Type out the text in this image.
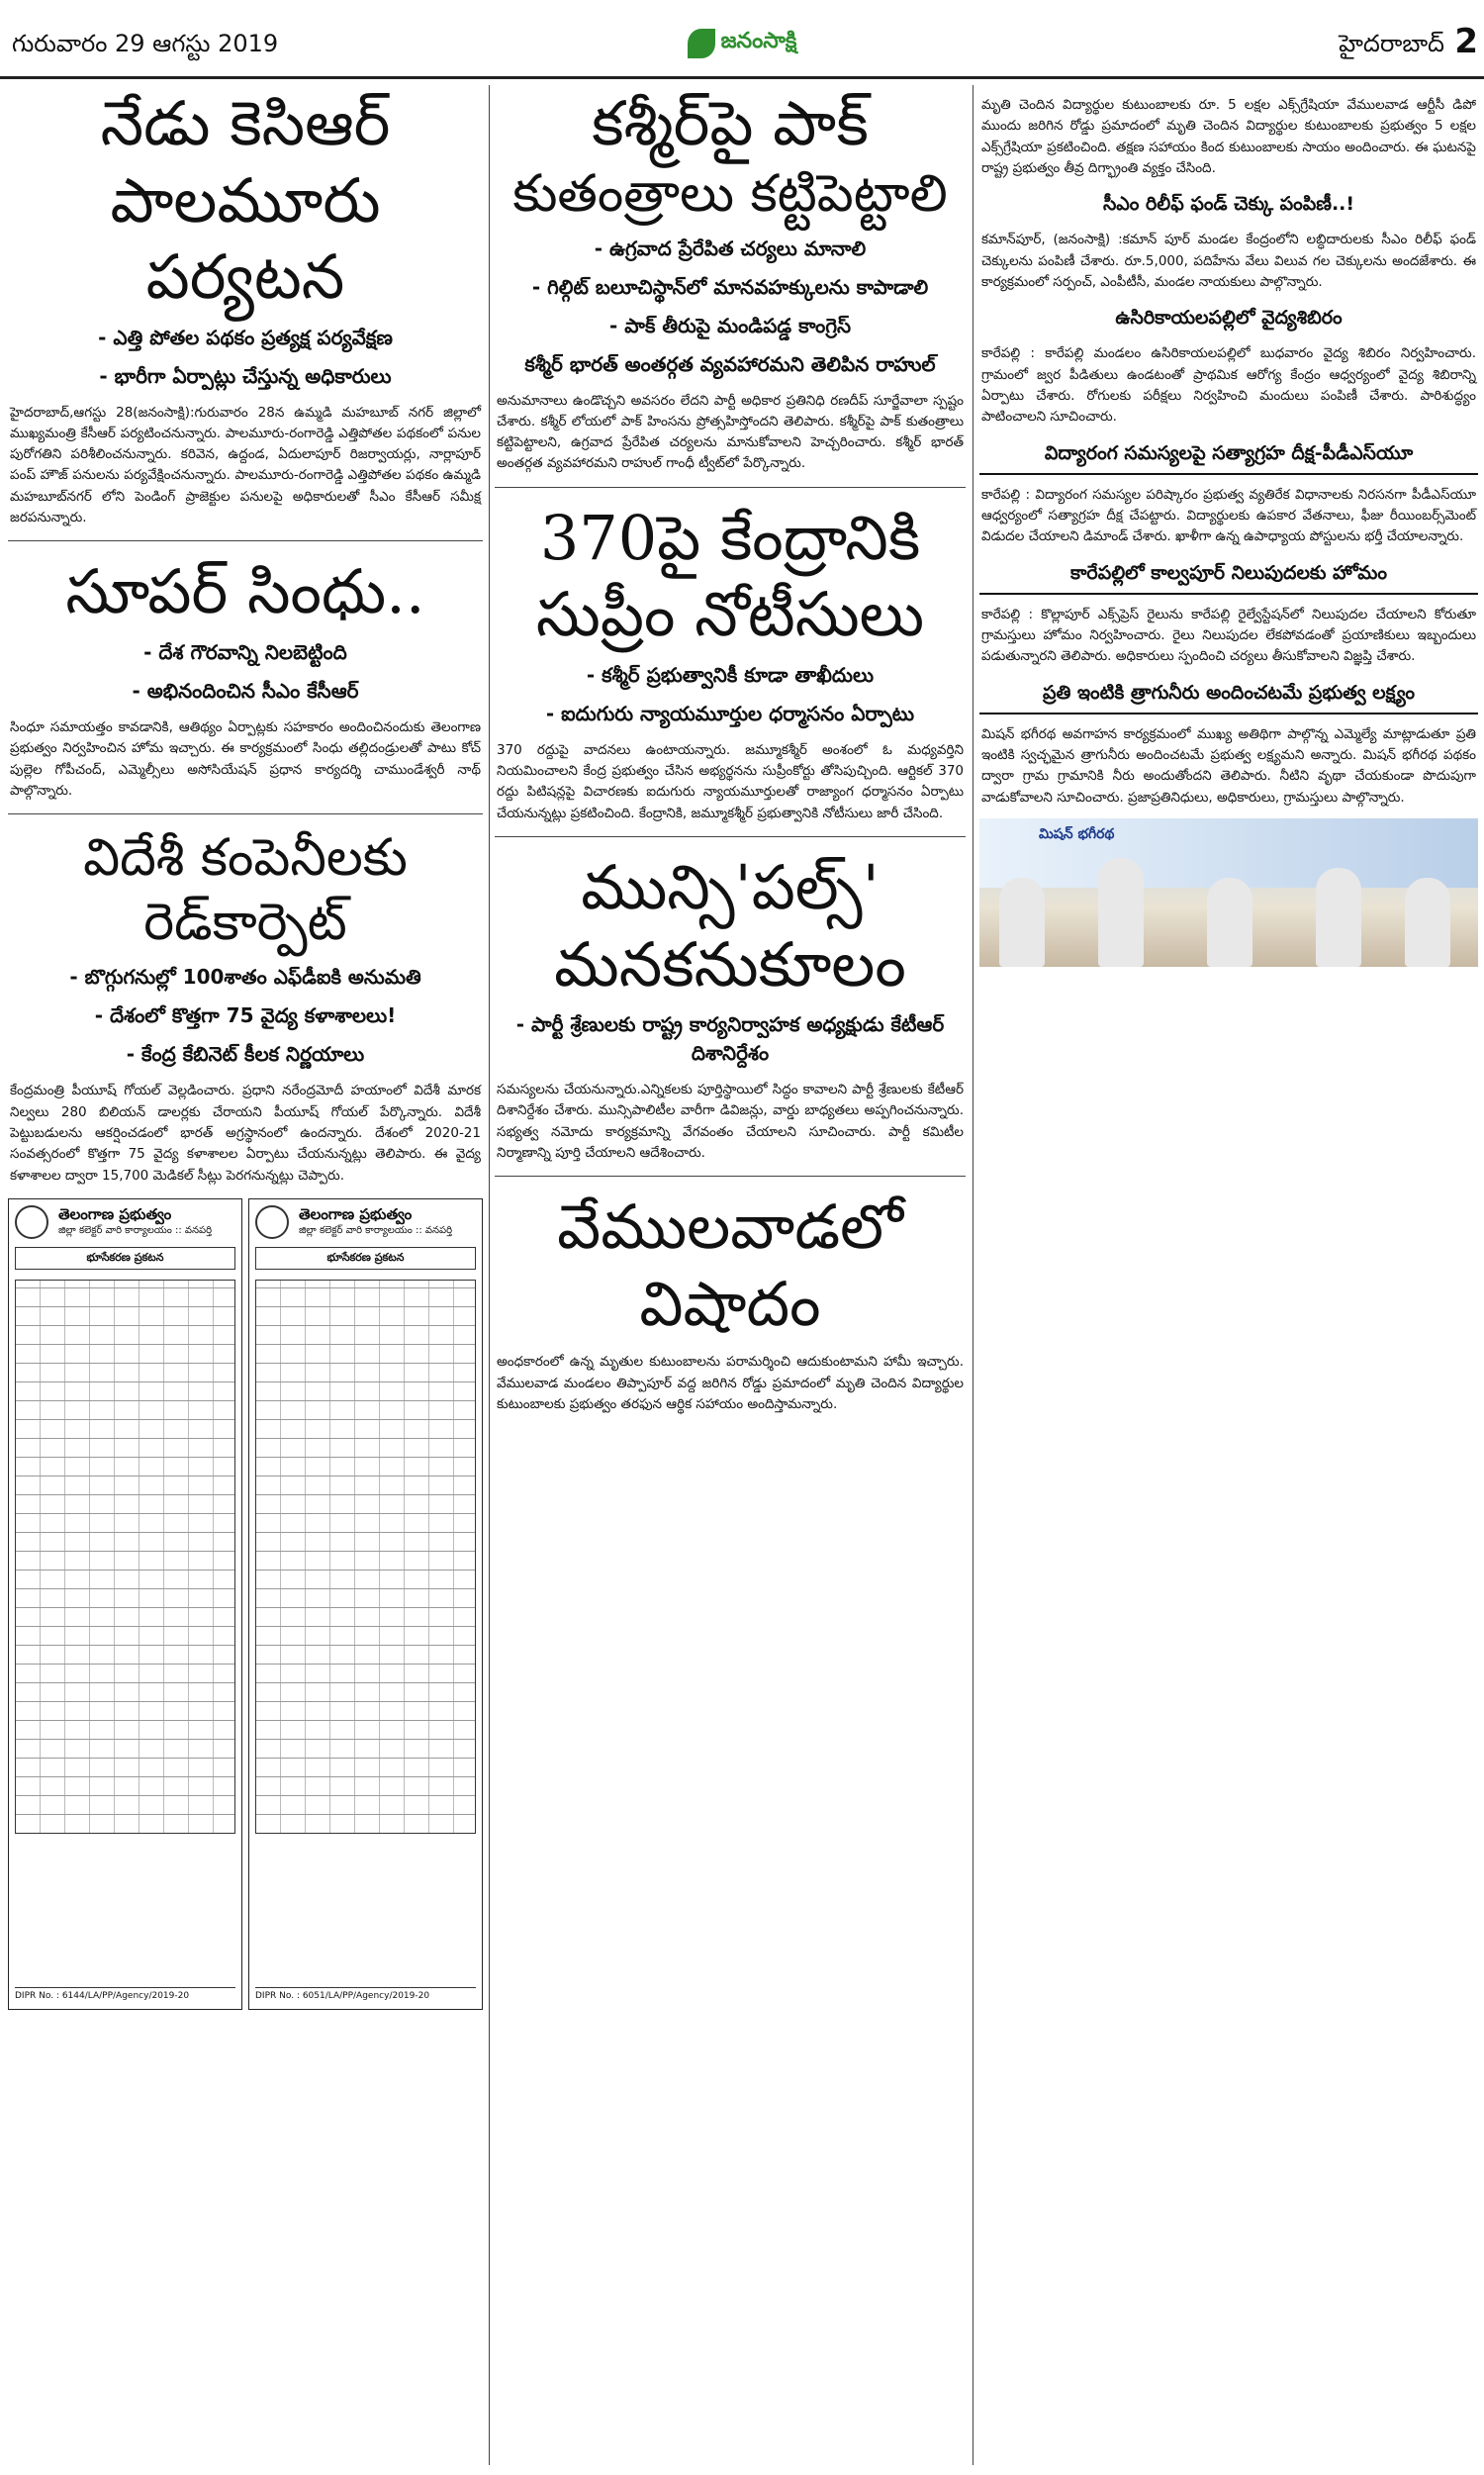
గురువారం 29 ఆగస్టు 2019	జనంసాక్షి	హైదరాబాద్ 2
నేడు కెసిఆర్
పాలమూరు పర్యటన
- ఎత్తి పోతల పథకం ప్రత్యక్ష పర్యవేక్షణ
- భారీగా ఏర్పాట్లు చేస్తున్న అధికారులు

హైదరాబాద్,ఆగస్టు 28(జనంసాక్షి):గురువారం 28న ఉమ్మడి మహబూబ్ నగర్ జిల్లాలో ముఖ్యమంత్రి కేసీఆర్ పర్యటించనున్నారు. పాలమూరు-రంగారెడ్డి ఎత్తిపోతల పథకంలో పనుల పురోగతిని పరిశీలించనున్నారు. కరివెన, ఉద్దండ, ఏదులాపూర్ రిజర్వాయర్లు, నార్లాపూర్ పంప్ హౌజ్ పనులను పర్యవేక్షించనున్నారు. పాలమూరు-రంగారెడ్డి ఎత్తిపోతల పథకం ఉమ్మడి మహబూబ్‌నగర్ లోని పెండింగ్ ప్రాజెక్టుల పనులపై అధికారులతో సీఎం కేసీఆర్ సమీక్ష జరపనున్నారు.

సూపర్ సింధు..
- దేశ గౌరవాన్ని నిలబెట్టింది
- అభినందించిన సీఎం కేసీఆర్

సింధూ సమాయత్తం కావడానికి, ఆతిథ్యం ఏర్పాట్లకు సహకారం అందించినందుకు తెలంగాణ ప్రభుత్వం నిర్వహించిన హోమ ఇచ్చారు. ఈ కార్యక్రమంలో సింధు తల్లిదండ్రులతో పాటు కోచ్ పుల్లెల గోపీచంద్, ఎమ్మెల్సీలు అసోసియేషన్ ప్రధాన కార్యదర్శి చాముండేశ్వరీ నాథ్ పాల్గొన్నారు.

విదేశీ కంపెనీలకు
రెడ్‌కార్పెట్
- బొగ్గుగనుల్లో 100శాతం ఎఫ్‌డీఐకి అనుమతి
- దేశంలో కొత్తగా 75 వైద్య కళాశాలలు!
- కేంద్ర కేబినెట్ కీలక నిర్ణయాలు

కేంద్రమంత్రి పీయూష్ గోయల్ వెల్లడించారు. ప్రధాని నరేంద్రమోదీ హయాంలో విదేశీ మారక నిల్వలు 280 బిలియన్ డాలర్లకు చేరాయని పీయూష్ గోయల్ పేర్కొన్నారు. విదేశీ పెట్టుబడులను ఆకర్షించడంలో భారత్ అగ్రస్థానంలో ఉందన్నారు. దేశంలో 2020-21 సంవత్సరంలో కొత్తగా 75 వైద్య కళాశాలల ఏర్పాటు చేయనున్నట్లు తెలిపారు. ఈ వైద్య కళాశాలల ద్వారా 15,700 మెడికల్ సీట్లు పెరగనున్నట్లు చెప్పారు.

తెలంగాణ ప్రభుత్వం
జిల్లా కలెక్టర్ వారి కార్యాలయం :: వనపర్తి
భూసేకరణ ప్రకటన
DIPR No. : 6144/LA/PP/Agency/2019-20
తెలంగాణ ప్రభుత్వం
జిల్లా కలెక్టర్ వారి కార్యాలయం :: వనపర్తి
భూసేకరణ ప్రకటన
DIPR No. : 6051/LA/PP/Agency/2019-20
కశ్మీర్‌పై పాక్
కుతంత్రాలు కట్టిపెట్టాలి
- ఉగ్రవాద ప్రేరేపిత చర్యలు మానాలి
- గిల్గిట్ బలూచిస్థాన్‌లో మానవహక్కులను కాపాడాలి
- పాక్ తీరుపై మండిపడ్డ కాంగ్రెస్
కశ్మీర్ భారత్ అంతర్గత వ్యవహారమని తెలిపిన రాహుల్

అనుమానాలు ఉండొచ్చని అవసరం లేదని పార్టీ అధికార ప్రతినిధి రణదీప్ సూర్జేవాలా స్పష్టం చేశారు. కశ్మీర్ లోయలో పాక్ హింసను ప్రోత్సహిస్తోందని తెలిపారు. కశ్మీర్‌పై పాక్ కుతంత్రాలు కట్టిపెట్టాలని, ఉగ్రవాద ప్రేరేపిత చర్యలను మానుకోవాలని హెచ్చరించారు. కశ్మీర్ భారత్ అంతర్గత వ్యవహారమని రాహుల్ గాంధీ ట్వీట్‌లో పేర్కొన్నారు.

370పై కేంద్రానికి
సుప్రీం నోటీసులు
- కశ్మీర్ ప్రభుత్వానికీ కూడా తాఖీదులు
- ఐదుగురు న్యాయమూర్తుల ధర్మాసనం ఏర్పాటు

370 రద్దుపై వాదనలు ఉంటాయన్నారు. జమ్మూకశ్మీర్ అంశంలో ఓ మధ్యవర్తిని నియమించాలని కేంద్ర ప్రభుత్వం చేసిన అభ్యర్థనను సుప్రీంకోర్టు తోసిపుచ్చింది. ఆర్టికల్ 370 రద్దు పిటిషన్లపై విచారణకు ఐదుగురు న్యాయమూర్తులతో రాజ్యాంగ ధర్మాసనం ఏర్పాటు చేయనున్నట్లు ప్రకటించింది. కేంద్రానికి, జమ్మూకశ్మీర్ ప్రభుత్వానికి నోటీసులు జారీ చేసింది.

మున్సి'పల్స్'
మనకనుకూలం
- పార్టీ శ్రేణులకు రాష్ట్ర కార్యనిర్వాహక అధ్యక్షుడు కేటీఆర్ దిశానిర్దేశం

సమస్యలను చేయనున్నారు.ఎన్నికలకు పూర్తిస్థాయిలో సిద్ధం కావాలని పార్టీ శ్రేణులకు కేటీఆర్ దిశానిర్దేశం చేశారు. మున్సిపాలిటీల వారీగా డివిజన్లు, వార్డు బాధ్యతలు అప్పగించనున్నారు. సభ్యత్వ నమోదు కార్యక్రమాన్ని వేగవంతం చేయాలని సూచించారు. పార్టీ కమిటీల నిర్మాణాన్ని పూర్తి చేయాలని ఆదేశించారు.

వేములవాడలో
విషాదం

అంధకారంలో ఉన్న మృతుల కుటుంబాలను పరామర్శించి ఆదుకుంటామని హామీ ఇచ్చారు. వేములవాడ మండలం తిప్పాపూర్ వద్ద జరిగిన రోడ్డు ప్రమాదంలో మృతి చెందిన విద్యార్థుల కుటుంబాలకు ప్రభుత్వం తరఫున ఆర్థిక సహాయం అందిస్తామన్నారు.

మృతి చెందిన విద్యార్థుల కుటుంబాలకు రూ. 5 లక్షల ఎక్స్‌గ్రేషియా వేములవాడ ఆర్టీసీ డిపో ముందు జరిగిన రోడ్డు ప్రమాదంలో మృతి చెందిన విద్యార్థుల కుటుంబాలకు ప్రభుత్వం 5 లక్షల ఎక్స్‌గ్రేషియా ప్రకటించింది. తక్షణ సహాయం కింద కుటుంబాలకు సాయం అందించారు. ఈ ఘటనపై రాష్ట్ర ప్రభుత్వం తీవ్ర దిగ్భ్రాంతి వ్యక్తం చేసింది.

సీఎం రిలీఫ్ ఫండ్ చెక్కు పంపిణీ..!

కమాన్‌పూర్, (జనంసాక్షి) :కమాన్ పూర్ మండల కేంద్రంలోని లబ్ధిదారులకు సీఎం రిలీఫ్ ఫండ్ చెక్కులను పంపిణీ చేశారు. రూ.5,000, పదిహేను వేలు విలువ గల చెక్కులను అందజేశారు. ఈ కార్యక్రమంలో సర్పంచ్, ఎంపీటీసీ, మండల నాయకులు పాల్గొన్నారు.

ఉసిరికాయలపల్లిలో వైద్యశిబిరం

కారేపల్లి : కారేపల్లి మండలం ఉసిరికాయలపల్లిలో బుధవారం వైద్య శిబిరం నిర్వహించారు. గ్రామంలో జ్వర పీడితులు ఉండటంతో ప్రాథమిక ఆరోగ్య కేంద్రం ఆధ్వర్యంలో వైద్య శిబిరాన్ని ఏర్పాటు చేశారు. రోగులకు పరీక్షలు నిర్వహించి మందులు పంపిణీ చేశారు. పారిశుద్ధ్యం పాటించాలని సూచించారు.

విద్యారంగ సమస్యలపై సత్యాగ్రహ దీక్ష-పీడీఎస్‌యూ

కారేపల్లి : విద్యారంగ సమస్యల పరిష్కారం ప్రభుత్వ వ్యతిరేక విధానాలకు నిరసనగా పీడీఎస్‌యూ ఆధ్వర్యంలో సత్యాగ్రహ దీక్ష చేపట్టారు. విద్యార్థులకు ఉపకార వేతనాలు, ఫీజు రీయింబర్స్‌మెంట్ విడుదల చేయాలని డిమాండ్ చేశారు. ఖాళీగా ఉన్న ఉపాధ్యాయ పోస్టులను భర్తీ చేయాలన్నారు.

కారేపల్లిలో కాల్వపూర్ నిలుపుదలకు హోమం

కారేపల్లి : కొల్లాపూర్ ఎక్స్‌ప్రెస్ రైలును కారేపల్లి రైల్వేస్టేషన్‌లో నిలుపుదల చేయాలని కోరుతూ గ్రామస్తులు హోమం నిర్వహించారు. రైలు నిలుపుదల లేకపోవడంతో ప్రయాణికులు ఇబ్బందులు పడుతున్నారని తెలిపారు. అధికారులు స్పందించి చర్యలు తీసుకోవాలని విజ్ఞప్తి చేశారు.

ప్రతి ఇంటికి త్రాగునీరు అందించటమే ప్రభుత్వ లక్ష్యం

మిషన్ భగీరథ అవగాహన కార్యక్రమంలో ముఖ్య అతిథిగా పాల్గొన్న ఎమ్మెల్యే మాట్లాడుతూ ప్రతి ఇంటికి స్వచ్ఛమైన త్రాగునీరు అందించటమే ప్రభుత్వ లక్ష్యమని అన్నారు. మిషన్ భగీరథ పథకం ద్వారా గ్రామ గ్రామానికి నీరు అందుతోందని తెలిపారు. నీటిని వృథా చేయకుండా పొదుపుగా వాడుకోవాలని సూచించారు. ప్రజాప్రతినిధులు, అధికారులు, గ్రామస్తులు పాల్గొన్నారు.

మిషన్ భగీరథ
